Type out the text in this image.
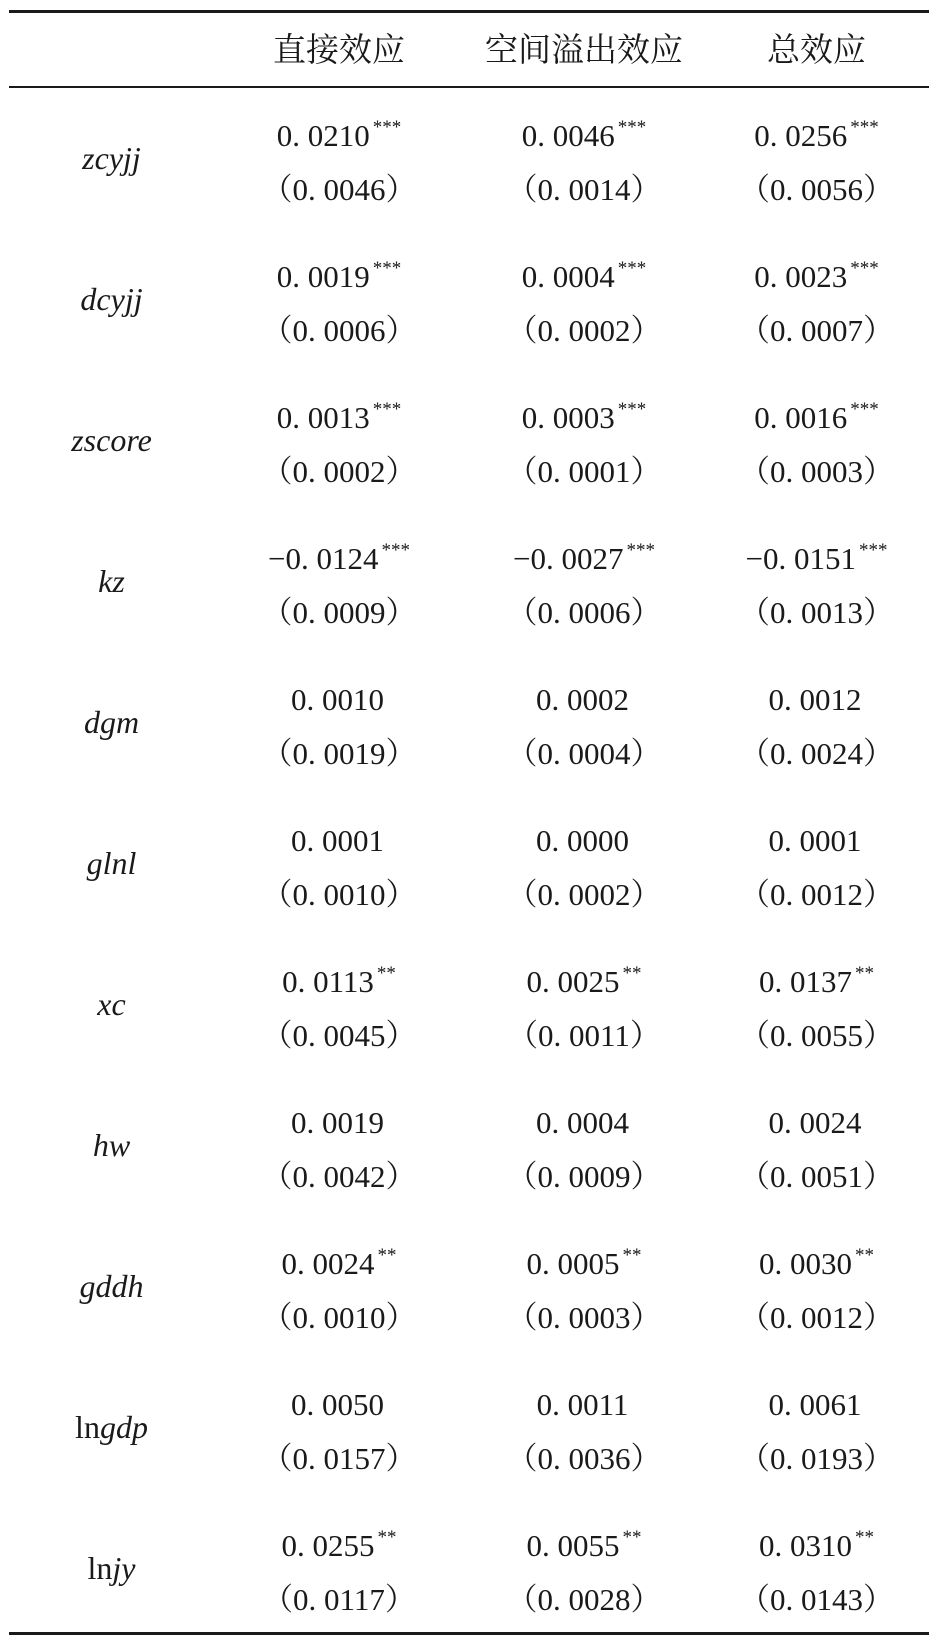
直接效应	空间溢出效应	总效应
zcyjj
0. 0210 ***
（0. 0046）
0. 0046 ***
（0. 0014）
0. 0256 ***
（0. 0056）
dcyjj
0. 0019 ***
（0. 0006）
0. 0004 ***
（0. 0002）
0. 0023 ***
（0. 0007）
zscore
0. 0013 ***
（0. 0002）
0. 0003 ***
（0. 0001）
0. 0016 ***
（0. 0003）
kz
−0. 0124 ***
（0. 0009）
−0. 0027 ***
（0. 0006）
−0. 0151 ***
（0. 0013）
dgm
0. 0010
（0. 0019）
0. 0002
（0. 0004）
0. 0012
（0. 0024）
glnl
0. 0001
（0. 0010）
0. 0000
（0. 0002）
0. 0001
（0. 0012）
xc
0. 0113 **
（0. 0045）
0. 0025 **
（0. 0011）
0. 0137 **
（0. 0055）
hw
0. 0019
（0. 0042）
0. 0004
（0. 0009）
0. 0024
（0. 0051）
gddh
0. 0024 **
（0. 0010）
0. 0005 **
（0. 0003）
0. 0030 **
（0. 0012）
lngdp
0. 0050
（0. 0157）
0. 0011
（0. 0036）
0. 0061
（0. 0193）
lnjy
0. 0255 **
（0. 0117）
0. 0055 **
（0. 0028）
0. 0310 **
（0. 0143）
